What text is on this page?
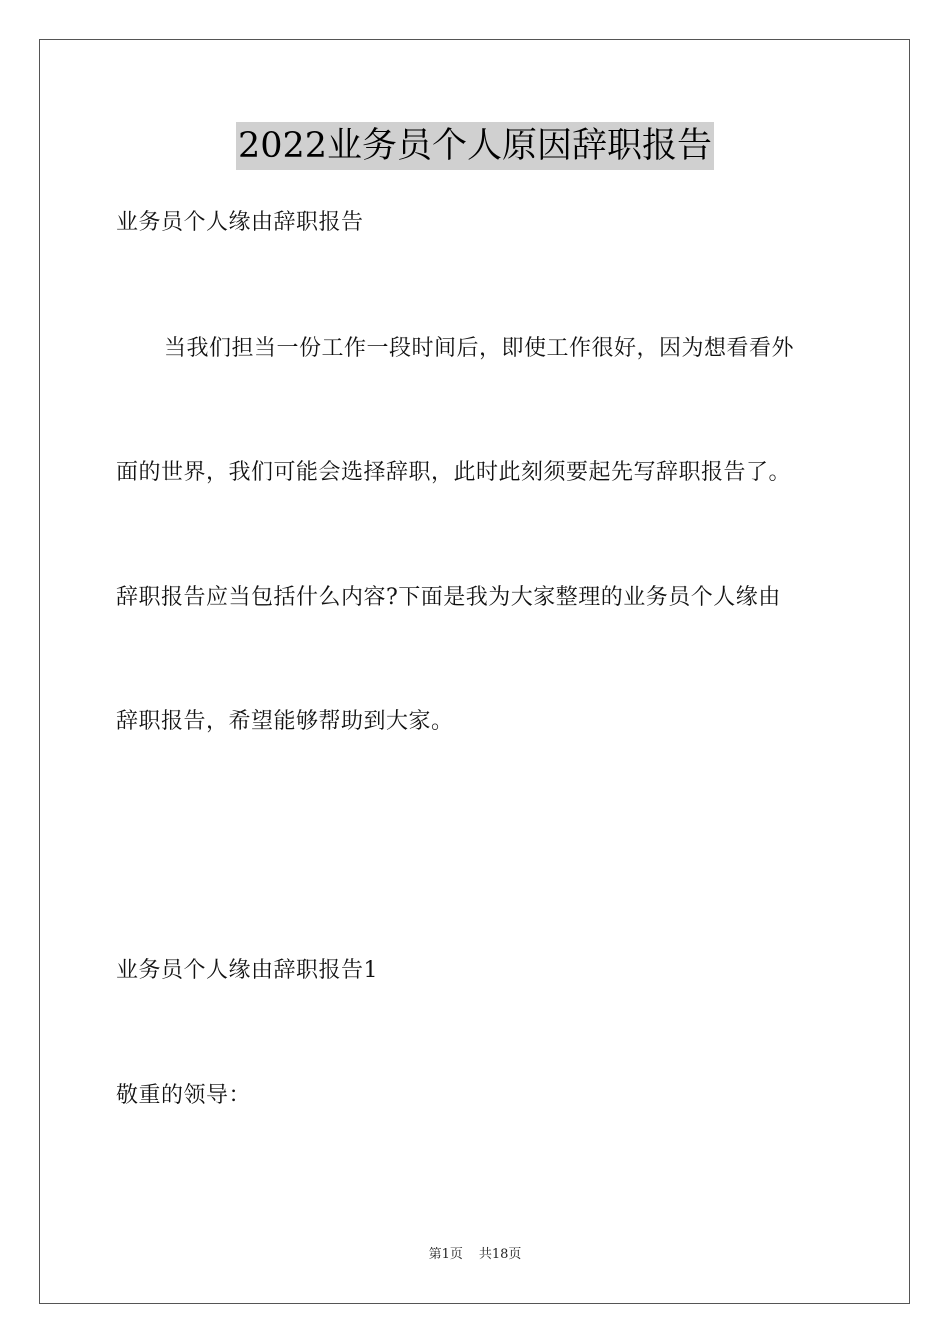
2022业务员个人原因辞职报告
业务员个人缘由辞职报告
当我们担当一份工作一段时间后，即使工作很好，因为想看看外
面的世界，我们可能会选择辞职，此时此刻须要起先写辞职报告了。
辞职报告应当包括什么内容?下面是我为大家整理的业务员个人缘由
辞职报告，希望能够帮助到大家。
业务员个人缘由辞职报告1
敬重的领导：
第1页 共18页
